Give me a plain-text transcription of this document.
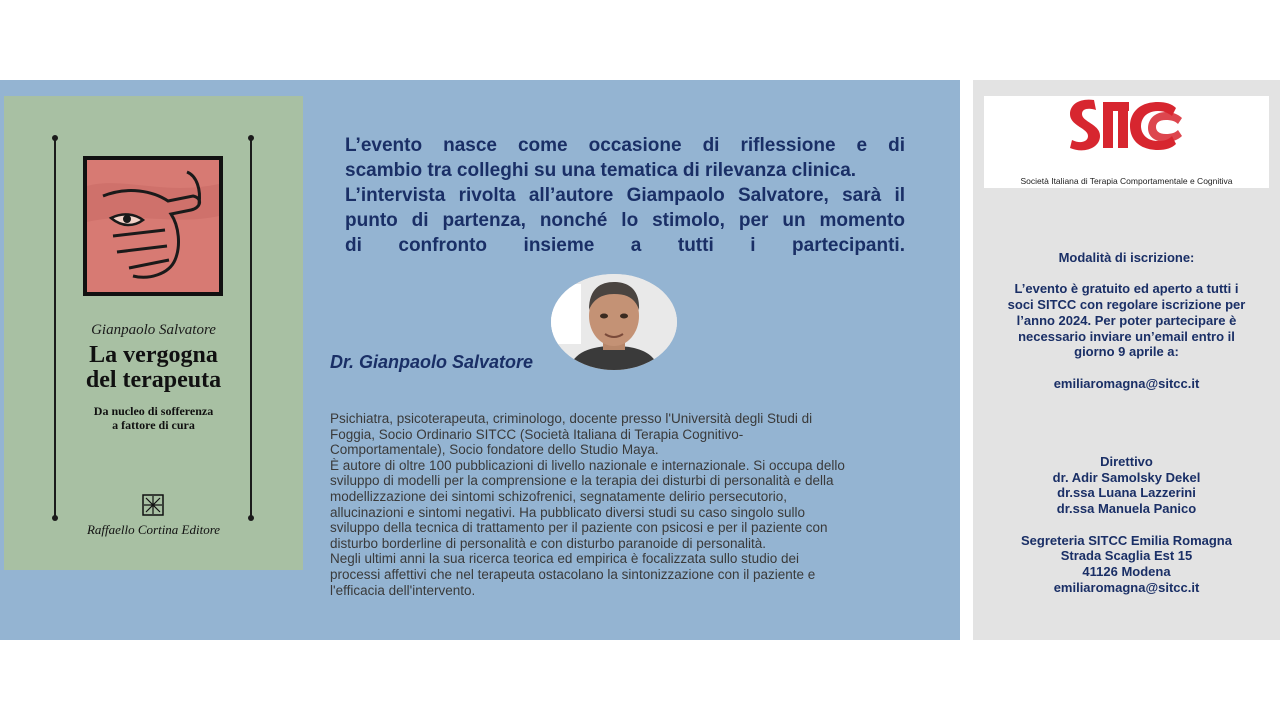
Gianpaolo Salvatore
La vergogna
del terapeuta
Da nucleo di sofferenza
a fattore di cura
Raffaello Cortina Editore

L’evento nasce come occasione di riflessione e di
scambio tra colleghi su una tematica di rilevanza clinica.
L’intervista rivolta all’autore Giampaolo Salvatore, sarà il
punto di partenza, nonché lo stimolo, per un momento
di confronto insieme a tutti i partecipanti.

Dr. Gianpaolo Salvatore
Psichiatra, psicoterapeuta, criminologo, docente presso l'Università degli Studi di
Foggia, Socio Ordinario SITCC (Società Italiana di Terapia Cognitivo-
Comportamentale), Socio fondatore dello Studio Maya.
È autore di oltre 100 pubblicazioni di livello nazionale e internazionale. Si occupa dello
sviluppo di modelli per la comprensione e la terapia dei disturbi di personalità e della
modellizzazione dei sintomi schizofrenici, segnatamente delirio persecutorio,
allucinazioni e sintomi negativi. Ha pubblicato diversi studi su caso singolo sullo
sviluppo della tecnica di trattamento per il paziente con psicosi e per il paziente con
disturbo borderline di personalità e con disturbo paranoide di personalità.
Negli ultimi anni la sua ricerca teorica ed empirica è focalizzata sullo studio dei
processi affettivi che nel terapeuta ostacolano la sintonizzazione con il paziente e
l'efficacia dell'intervento.
Società Italiana di Terapia Comportamentale e Cognitiva
Modalità di iscrizione:
L’evento è gratuito ed aperto a tutti i
soci SITCC con regolare iscrizione per
l’anno 2024. Per poter partecipare è
necessario inviare un’email entro il
giorno 9 aprile a:
emiliaromagna@sitcc.it
Direttivo
dr. Adir Samolsky Dekel
dr.ssa Luana Lazzerini
dr.ssa Manuela Panico
Segreteria SITCC Emilia Romagna
Strada Scaglia Est 15
41126 Modena
emiliaromagna@sitcc.it
